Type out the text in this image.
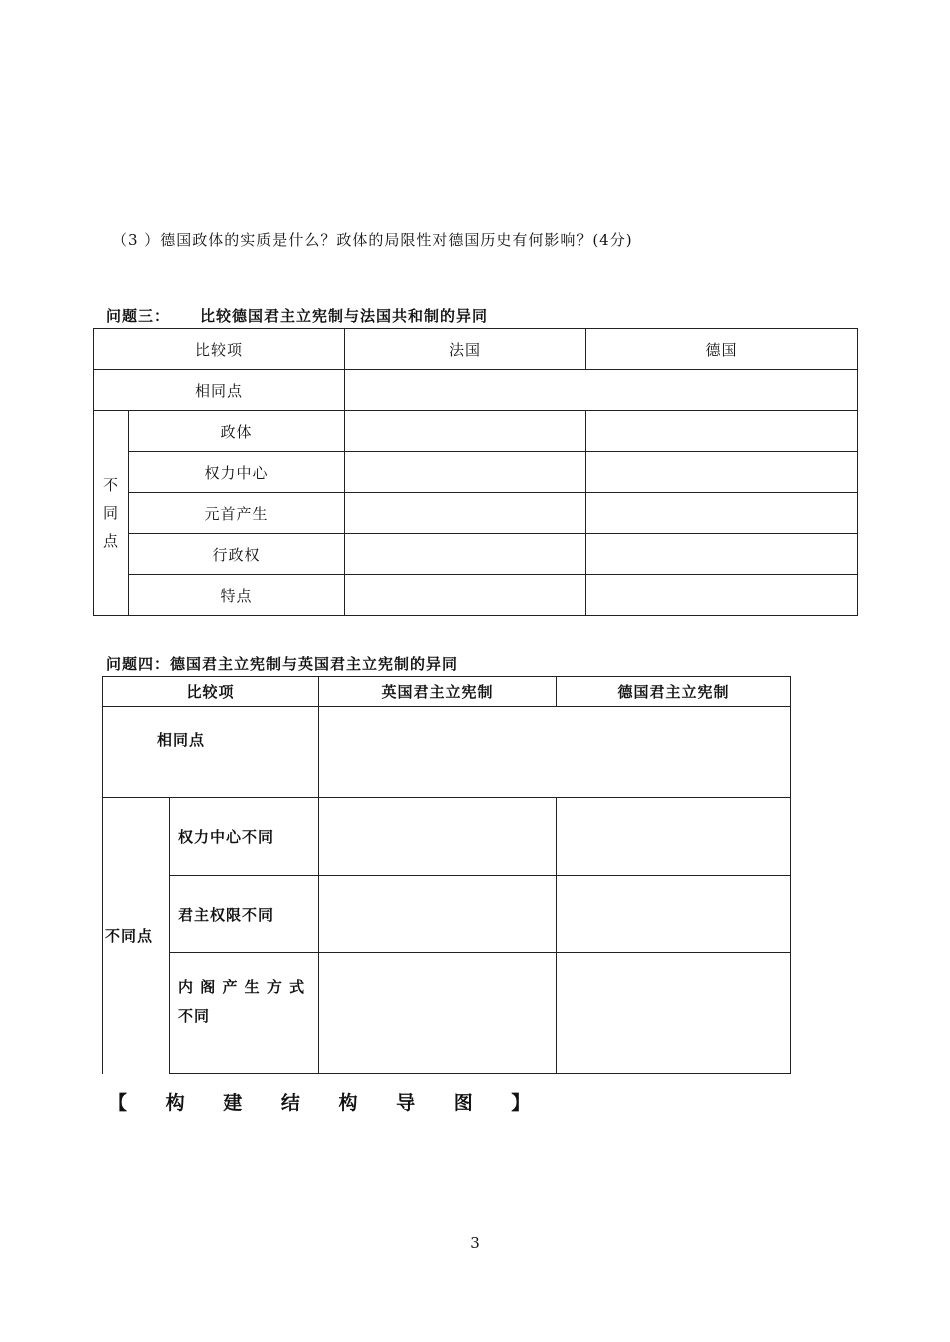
（3 ）德国政体的实质是什么？政体的局限性对德国历史有何影响？(4分)
问题三： 比较德国君主立宪制与法国共和制的异同
比较项		法国	德国
相同点			
不
同
点	政体		
	权力中心		
	元首产生		
	行政权		
	特点		
问题四：德国君主立宪制与英国君主立宪制的异同
比较项		英国君主立宪制	德国君主立宪制
相同点			
不同点	权力中心不同		
	君主权限不同		
	内 阁 产 生 方 式 不同		
【 构 建 结 构 导 图 】
3
